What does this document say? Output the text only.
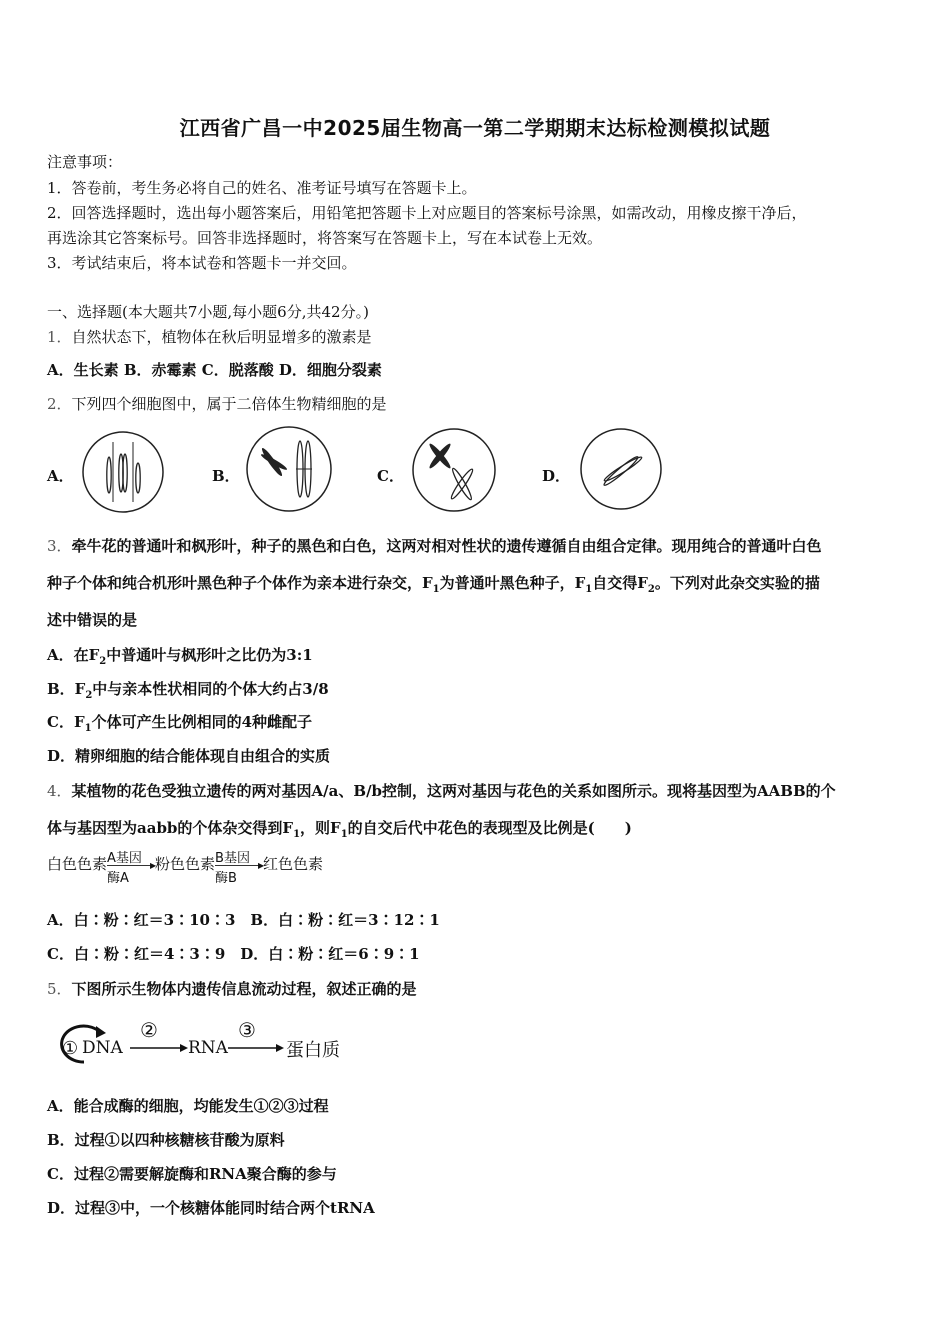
江西省广昌一中2025届生物高一第二学期期末达标检测模拟试题
注意事项：
1．答卷前，考生务必将自己的姓名、准考证号填写在答题卡上。
2．回答选择题时，选出每小题答案后，用铅笔把答题卡上对应题目的答案标号涂黑，如需改动，用橡皮擦干净后，
再选涂其它答案标号。回答非选择题时，将答案写在答题卡上，写在本试卷上无效。
3．考试结束后，将本试卷和答题卡一并交回。
一、选择题(本大题共7小题,每小题6分,共42分。)
1．自然状态下，植物体在秋后明显增多的激素是
A．生长素 B．赤霉素 C．脱落酸 D．细胞分裂素
2．下列四个细胞图中，属于二倍体生物精细胞的是
A．	B．	C．	D．
3．牵牛花的普通叶和枫形叶，种子的黑色和白色，这两对相对性状的遗传遵循自由组合定律。现用纯合的普通叶白色
种子个体和纯合机形叶黑色种子个体作为亲本进行杂交，$F_1$为普通叶黑色种子，$F_1$自交得$F_2$。下列对此杂交实验的描
述中错误的是
A．在$F_2$中普通叶与枫形叶之比仍为3:1
B．$F_2$中与亲本性状相同的个体大约占3/8
C．$F_1$个体可产生比例相同的4种雌配子
D．精卵细胞的结合能体现自由组合的实质
4．某植物的花色受独立遗传的两对基因A/a、B/b控制，这两对基因与花色的关系如图所示。现将基因型为AABB的个
体与基因型为aabb的个体杂交得到$F_1$，则$F_1$的自交后代中花色的表现型及比例是(　　)
白色色素 A基因 ▶
酶A
粉色色素 B基因 ▶
酶B
红色色素
A．白∶粉∶红＝3∶10∶3　B．白∶粉∶红＝3∶12∶1
C．白∶粉∶红＝4∶3∶9　D．白∶粉∶红＝6∶9∶1
5．下图所示生物体内遗传信息流动过程，叙述正确的是
① DNA
②
RNA
③
蛋白质
A．能合成酶的细胞，均能发生①②③过程
B．过程①以四种核糖核苷酸为原料
C．过程②需要解旋酶和RNA聚合酶的参与
D．过程③中，一个核糖体能同时结合两个tRNA
